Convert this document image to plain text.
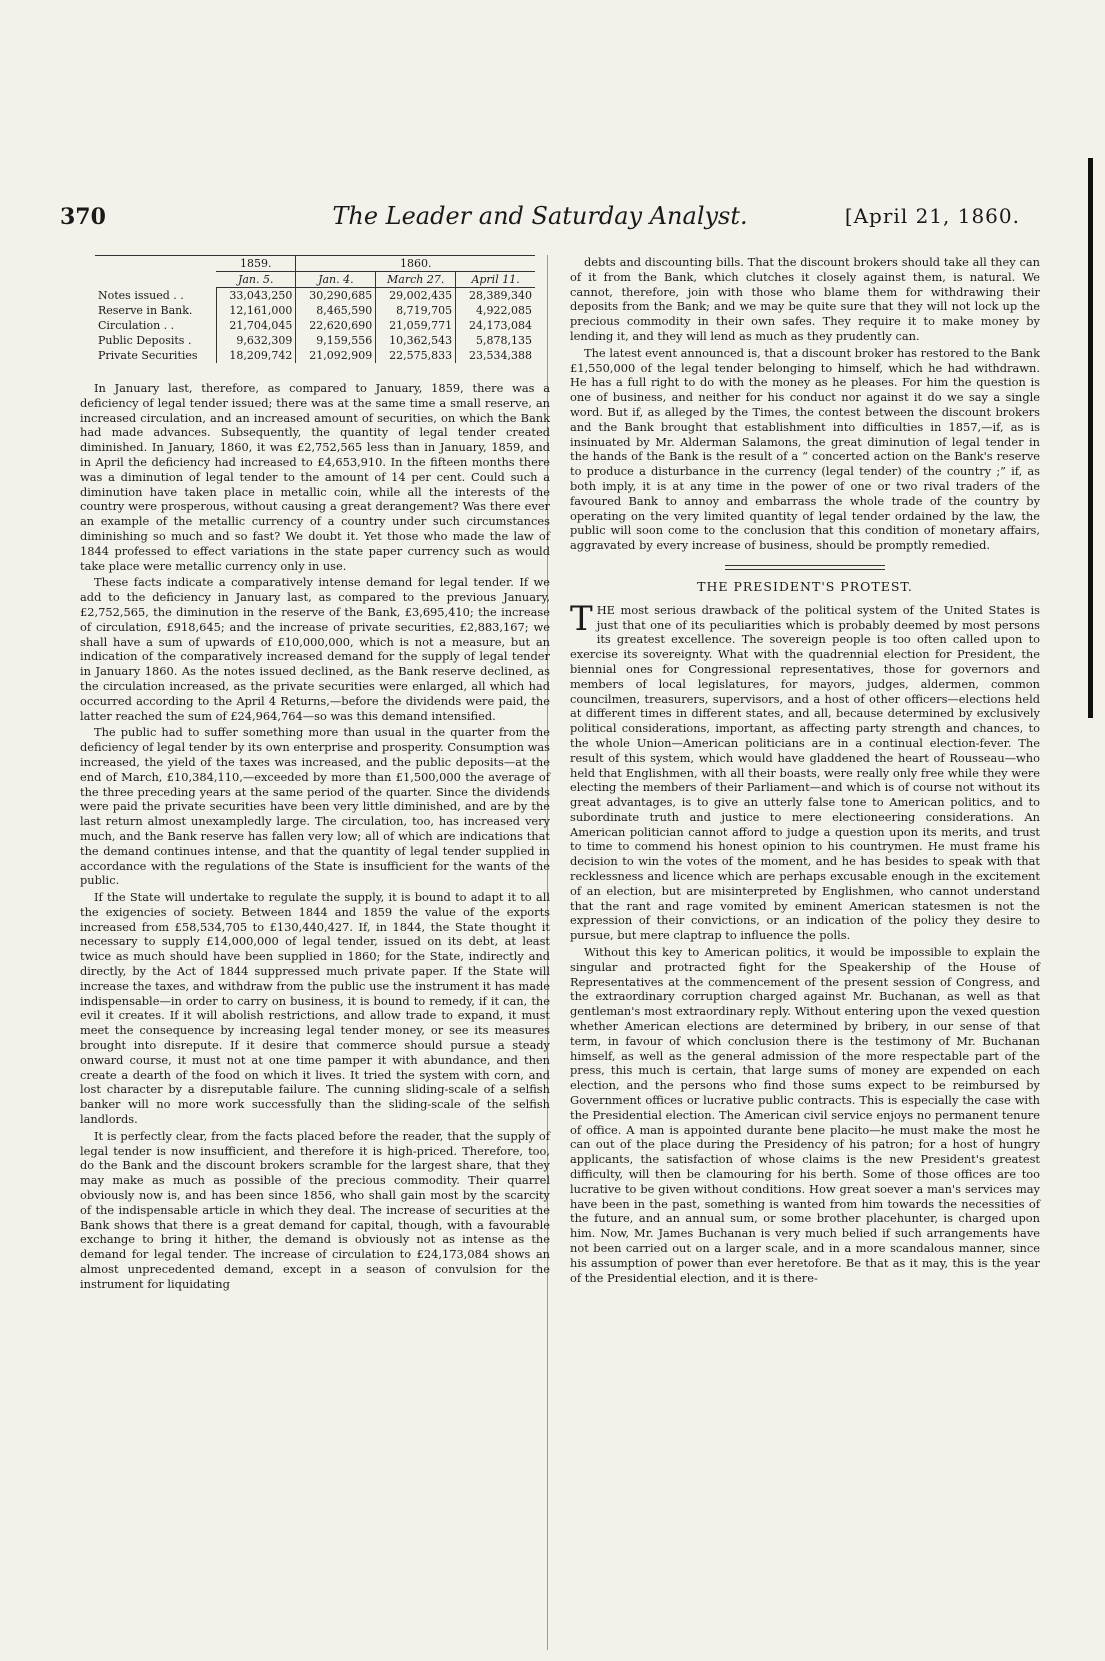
370	The Leader and Saturday Analyst.	[April 21, 1860.
	1859.	1860.		
	Jan. 5.	Jan. 4.	March 27.	April 11.
Notes issued . .	33,043,250	30,290,685	29,002,435	28,389,340
Reserve in Bank.	12,161,000	8,465,590	8,719,705	4,922,085
Circulation . .	21,704,045	22,620,690	21,059,771	24,173,084
Public Deposits .	9,632,309	9,159,556	10,362,543	5,878,135
Private Securities	18,209,742	21,092,909	22,575,833	23,534,388

In January last, therefore, as compared to January, 1859, there was a deficiency of legal tender issued; there was at the same time a small reserve, an increased circulation, and an increased amount of securities, on which the Bank had made advances. Subsequently, the quantity of legal tender created diminished. In January, 1860, it was £2,752,565 less than in January, 1859, and in April the deficiency had increased to £4,653,910. In the fifteen months there was a diminution of legal tender to the amount of 14 per cent. Could such a diminution have taken place in metallic coin, while all the interests of the country were prosperous, without causing a great derangement? Was there ever an example of the metallic currency of a country under such circumstances diminishing so much and so fast? We doubt it. Yet those who made the law of 1844 professed to effect variations in the state paper currency such as would take place were metallic currency only in use.

These facts indicate a comparatively intense demand for legal tender. If we add to the deficiency in January last, as compared to the previous January, £2,752,565, the diminution in the reserve of the Bank, £3,695,410; the increase of circulation, £918,645; and the increase of private securities, £2,883,167; we shall have a sum of upwards of £10,000,000, which is not a measure, but an indication of the comparatively increased demand for the supply of legal tender in January 1860. As the notes issued declined, as the Bank reserve declined, as the circulation increased, as the private securities were enlarged, all which had occurred according to the April 4 Returns,—before the dividends were paid, the latter reached the sum of £24,964,764—so was this demand intensified.

The public had to suffer something more than usual in the quarter from the deficiency of legal tender by its own enterprise and prosperity. Consumption was increased, the yield of the taxes was increased, and the public deposits—at the end of March, £10,384,110,—exceeded by more than £1,500,000 the average of the three preceding years at the same period of the quarter. Since the dividends were paid the private securities have been very little diminished, and are by the last return almost unexampledly large. The circulation, too, has increased very much, and the Bank reserve has fallen very low; all of which are indications that the demand continues intense, and that the quantity of legal tender supplied in accordance with the regulations of the State is insufficient for the wants of the public.

If the State will undertake to regulate the supply, it is bound to adapt it to all the exigencies of society. Between 1844 and 1859 the value of the exports increased from £58,534,705 to £130,440,427. If, in 1844, the State thought it necessary to supply £14,000,000 of legal tender, issued on its debt, at least twice as much should have been supplied in 1860; for the State, indirectly and directly, by the Act of 1844 suppressed much private paper. If the State will increase the taxes, and withdraw from the public use the instrument it has made indispensable—in order to carry on business, it is bound to remedy, if it can, the evil it creates. If it will abolish restrictions, and allow trade to expand, it must meet the consequence by increasing legal tender money, or see its measures brought into disrepute. If it desire that commerce should pursue a steady onward course, it must not at one time pamper it with abundance, and then create a dearth of the food on which it lives. It tried the system with corn, and lost character by a disreputable failure. The cunning sliding-scale of a selfish banker will no more work successfully than the sliding-scale of the selfish landlords.

It is perfectly clear, from the facts placed before the reader, that the supply of legal tender is now insufficient, and therefore it is high-priced. Therefore, too, do the Bank and the discount brokers scramble for the largest share, that they may make as much as possible of the precious commodity. Their quarrel obviously now is, and has been since 1856, who shall gain most by the scarcity of the indispensable article in which they deal. The increase of securities at the Bank shows that there is a great demand for capital, though, with a favourable exchange to bring it hither, the demand is obviously not as intense as the demand for legal tender. The increase of circulation to £24,173,084 shows an almost unprecedented demand, except in a season of convulsion for the instrument for liquidating

debts and discounting bills. That the discount brokers should take all they can of it from the Bank, which clutches it closely against them, is natural. We cannot, therefore, join with those who blame them for withdrawing their deposits from the Bank; and we may be quite sure that they will not lock up the precious commodity in their own safes. They require it to make money by lending it, and they will lend as much as they prudently can.

The latest event announced is, that a discount broker has restored to the Bank £1,550,000 of the legal tender belonging to himself, which he had withdrawn. He has a full right to do with the money as he pleases. For him the question is one of business, and neither for his conduct nor against it do we say a single word. But if, as alleged by the Times, the contest between the discount brokers and the Bank brought that establishment into difficulties in 1857,—if, as is insinuated by Mr. Alderman Salamons, the great diminution of legal tender in the hands of the Bank is the result of a “ concerted action on the Bank's reserve to produce a disturbance in the currency (legal tender) of the country ;” if, as both imply, it is at any time in the power of one or two rival traders of the favoured Bank to annoy and embarrass the whole trade of the country by operating on the very limited quantity of legal tender ordained by the law, the public will soon come to the conclusion that this condition of monetary affairs, aggravated by every increase of business, should be promptly remedied.

THE PRESIDENT'S PROTEST.

THE most serious drawback of the political system of the United States is just that one of its peculiarities which is probably deemed by most persons its greatest excellence. The sovereign people is too often called upon to exercise its sovereignty. What with the quadrennial election for President, the biennial ones for Congressional representatives, those for governors and members of local legislatures, for mayors, judges, aldermen, common councilmen, treasurers, supervisors, and a host of other officers—elections held at different times in different states, and all, because determined by exclusively political considerations, important, as affecting party strength and chances, to the whole Union—American politicians are in a continual election-fever. The result of this system, which would have gladdened the heart of Rousseau—who held that Englishmen, with all their boasts, were really only free while they were electing the members of their Parliament—and which is of course not without its great advantages, is to give an utterly false tone to American politics, and to subordinate truth and justice to mere electioneering considerations. An American politician cannot afford to judge a question upon its merits, and trust to time to commend his honest opinion to his countrymen. He must frame his decision to win the votes of the moment, and he has besides to speak with that recklessness and licence which are perhaps excusable enough in the excitement of an election, but are misinterpreted by Englishmen, who cannot understand that the rant and rage vomited by eminent American statesmen is not the expression of their convictions, or an indication of the policy they desire to pursue, but mere claptrap to influence the polls.

Without this key to American politics, it would be impossible to explain the singular and protracted fight for the Speakership of the House of Representatives at the commencement of the present session of Congress, and the extraordinary corruption charged against Mr. Buchanan, as well as that gentleman's most extraordinary reply. Without entering upon the vexed question whether American elections are determined by bribery, in our sense of that term, in favour of which conclusion there is the testimony of Mr. Buchanan himself, as well as the general admission of the more respectable part of the press, this much is certain, that large sums of money are expended on each election, and the persons who find those sums expect to be reimbursed by Government offices or lucrative public contracts. This is especially the case with the Presidential election. The American civil service enjoys no permanent tenure of office. A man is appointed durante bene placito—he must make the most he can out of the place during the Presidency of his patron; for a host of hungry applicants, the satisfaction of whose claims is the new President's greatest difficulty, will then be clamouring for his berth. Some of those offices are too lucrative to be given without conditions. How great soever a man's services may have been in the past, something is wanted from him towards the necessities of the future, and an annual sum, or some brother placehunter, is charged upon him. Now, Mr. James Buchanan is very much belied if such arrangements have not been carried out on a larger scale, and in a more scandalous manner, since his assumption of power than ever heretofore. Be that as it may, this is the year of the Presidential election, and it is there-
